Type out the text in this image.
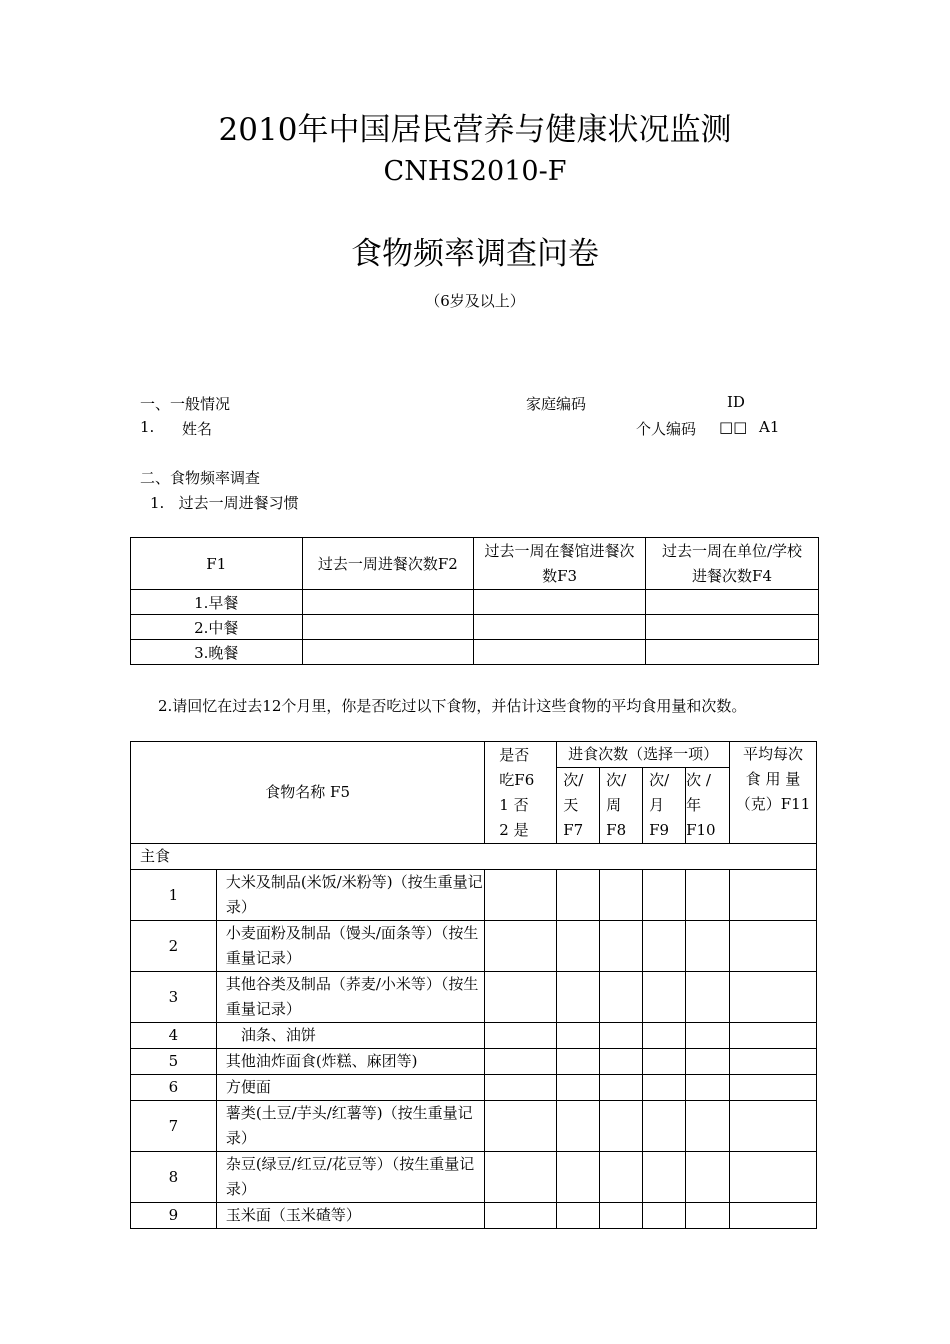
2010年中国居民营养与健康状况监测
CNHS2010-F
食物频率调查问卷
（6岁及以上）
一、一般情况	家庭编码	ID
1. 姓名	个人编码 □□ A1
二、食物频率调查
1.   过去一周进餐习惯
F1	过去一周进餐次数F2	过去一周在餐馆进餐次数F3	过去一周在单位/学校进餐次数F4

1.早餐			
2.中餐			
3.晚餐			
2.请回忆在过去12个月里，你是否吃过以下食物，并估计这些食物的平均食用量和次数。
食物名称 F5		是否
吃F6
1 否
2 是	进食次数（选择一项）				平均每次
食 用 量
（克）F11

			次/
天
F7	次/
周
F8	次/
月
F9	次 /
年
F10	

主食							
1	大米及制品(米饭/米粉等)（按生重量记录）						
2	小麦面粉及制品（馒头/面条等）（按生重量记录）						
3	其他谷类及制品（荞麦/小米等）（按生重量记录）						
4	　油条、油饼						
5	其他油炸面食(炸糕、麻团等)						
6	方便面						
7	薯类(土豆/芋头/红薯等)（按生重量记录）						
8	杂豆(绿豆/红豆/花豆等）（按生重量记录）						
9	玉米面（玉米碴等）						
